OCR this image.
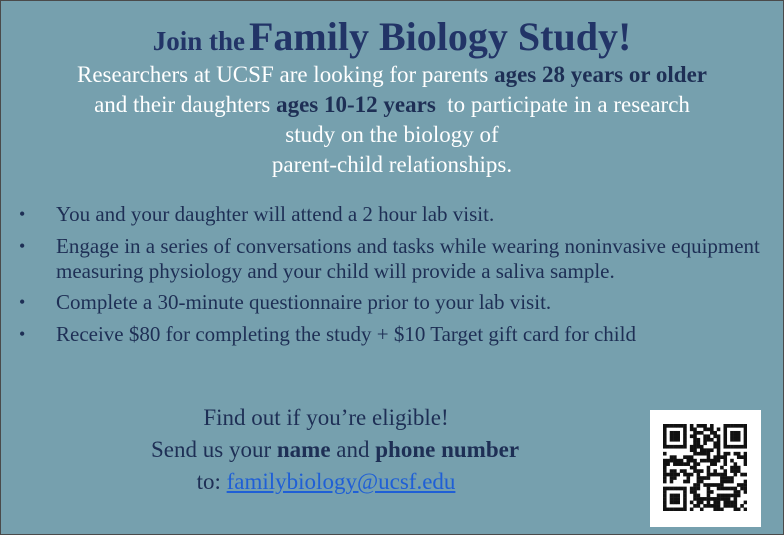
Join the Family Biology Study!
Researchers at UCSF are looking for parents ages 28 years or older
and their daughters ages 10-12 years  to participate in a research
study on the biology of
parent-child relationships.
• You and your daughter will attend a 2 hour lab visit.
• Engage in a series of conversations and tasks while wearing noninvasive equipment measuring physiology and your child will provide a saliva sample.
• Complete a 30-minute questionnaire prior to your lab visit.
• Receive $80 for completing the study + $10 Target gift card for child
Find out if you’re eligible!
Send us your name and phone number
to: familybiology@ucsf.edu
